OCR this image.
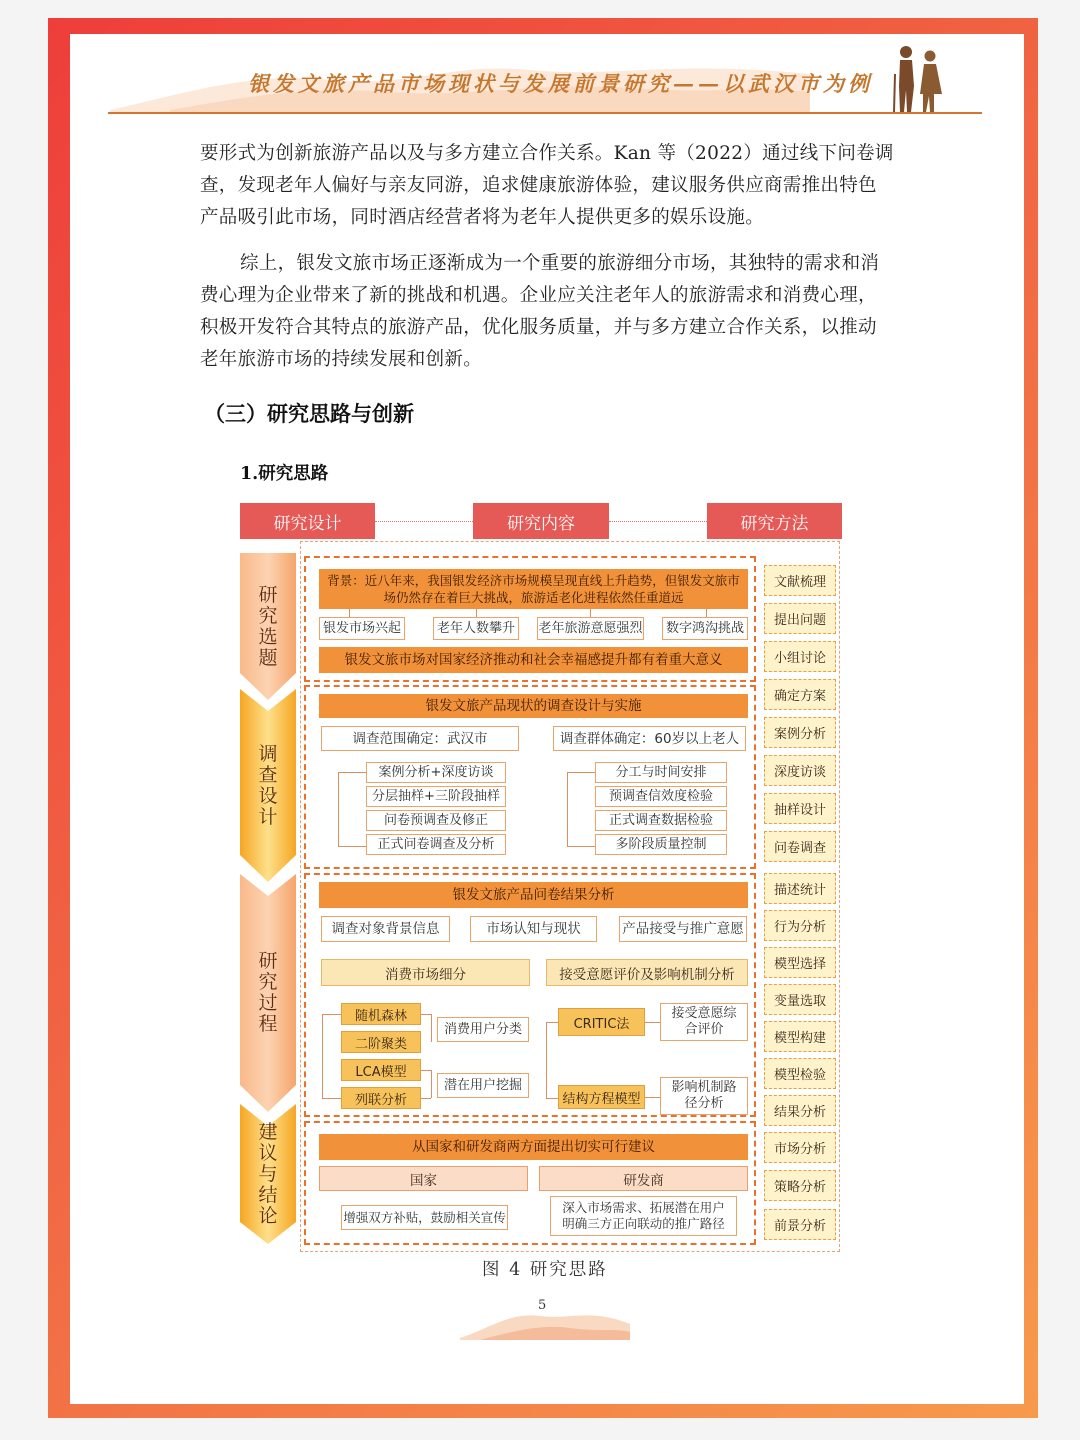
银发文旅产品市场现状与发展前景研究——以武汉市为例
要形式为创新旅游产品以及与多方建立合作关系。Kan 等（2022）通过线下问卷调查，发现老年人偏好与亲友同游，追求健康旅游体验，建议服务供应商需推出特色产品吸引此市场，同时酒店经营者将为老年人提供更多的娱乐设施。
综上，银发文旅市场正逐渐成为一个重要的旅游细分市场，其独特的需求和消费心理为企业带来了新的挑战和机遇。企业应关注老年人的旅游需求和消费心理，积极开发符合其特点的旅游产品，优化服务质量，并与多方建立合作关系，以推动老年旅游市场的持续发展和创新。
（三）研究思路与创新
1.研究思路
研究设计	研究内容	研究方法
研究选题
调查设计
研究过程
建议与结论
背景：近八年来，我国银发经济市场规模呈现直线上升趋势，但银发文旅市场仍然存在着巨大挑战，旅游适老化进程依然任重道远
银发市场兴起	老年人数攀升	老年旅游意愿强烈	数字鸿沟挑战
银发文旅市场对国家经济推动和社会幸福感提升都有着重大意义
银发文旅产品现状的调查设计与实施
调查范围确定：武汉市	调查群体确定：60岁以上老人
案例分析+深度访谈
分层抽样+三阶段抽样
问卷预调查及修正
正式问卷调查及分析
分工与时间安排
预调查信效度检验
正式调查数据检验
多阶段质量控制
银发文旅产品问卷结果分析
调查对象背景信息	市场认知与现状	产品接受与推广意愿
消费市场细分	接受意愿评价及影响机制分析
随机森林
二阶聚类
LCA模型
列联分析
消费用户分类
潜在用户挖掘
CRITIC法
结构方程模型
接受意愿综合评价
影响机制路径分析
从国家和研发商两方面提出切实可行建议
国家	研发商
增强双方补贴，鼓励相关宣传
深入市场需求、拓展潜在用户明确三方正向联动的推广路径
文献梳理
提出问题
小组讨论
确定方案
案例分析
深度访谈
抽样设计
问卷调查
描述统计
行为分析
模型选择
变量选取
模型构建
模型检验
结果分析
市场分析
策略分析
前景分析
图 4 研究思路
5
